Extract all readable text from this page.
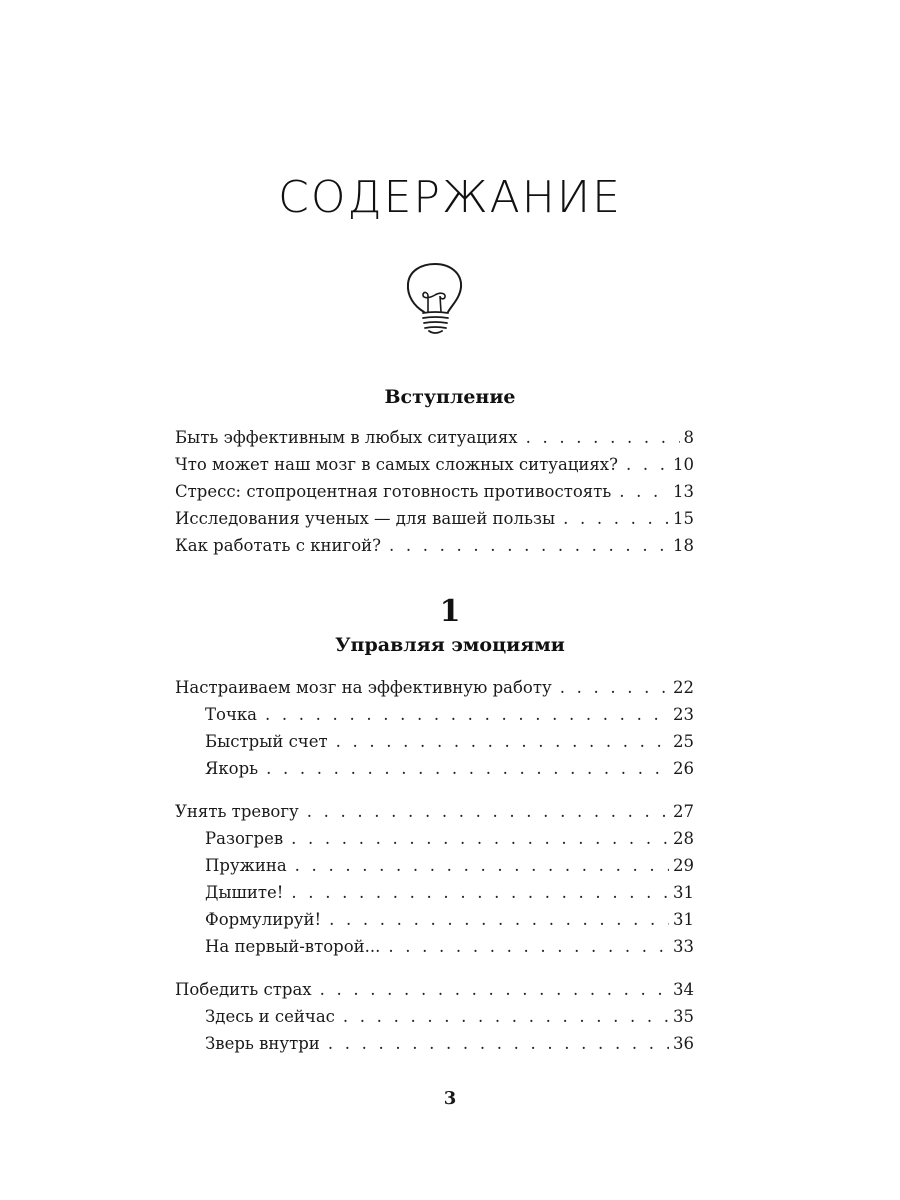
СОДЕРЖАНИЕ
Вступление
Быть эффективным в любых ситуациях . . .	8
Что может наш мозг в самых сложных ситуациях? . . .	10
Стресс: стопроцентная готовность противостоять . . .	13
Исследования ученых — для вашей пользы . . .	15
Как работать с книгой? . . .	18
1
Управляя эмоциями
Настраиваем мозг на эффективную работу . . .	22
Точка . . .	23
Быстрый счет . . .	25
Якорь . . .	26
Унять тревогу . . .	27
Разогрев . . .	28
Пружина . . .	29
Дышите! . . .	31
Формулируй! . . .	31
На первый-второй... . . .	33
Победить страх . . .	34
Здесь и сейчас . . .	35
Зверь внутри . . .	36
3
